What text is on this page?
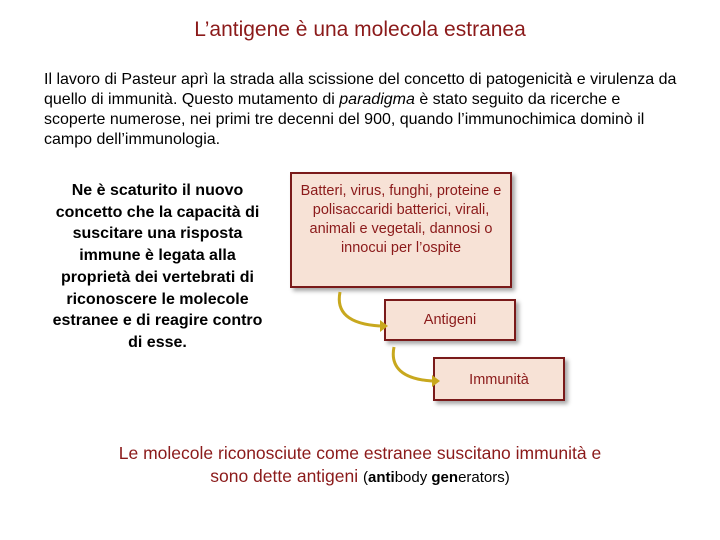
L’antigene è una molecola estranea
Il lavoro di Pasteur aprì la strada alla scissione del concetto di patogenicità e virulenza da quello di immunità. Questo mutamento di paradigma è stato seguito da ricerche e scoperte numerose, nei primi tre decenni del 900, quando l’immunochimica dominò il campo dell’immunologia.
Ne è scaturito il nuovo concetto che la capacità di suscitare una risposta immune è legata alla proprietà dei vertebrati di riconoscere le molecole estranee e di reagire contro di esse.
Batteri, virus, funghi, proteine e polisaccaridi batterici, virali, animali e vegetali, dannosi o innocui per l’ospite
Antigeni
Immunità
Le molecole riconosciute come estranee suscitano immunità e
sono dette antigeni (antibody generators)
